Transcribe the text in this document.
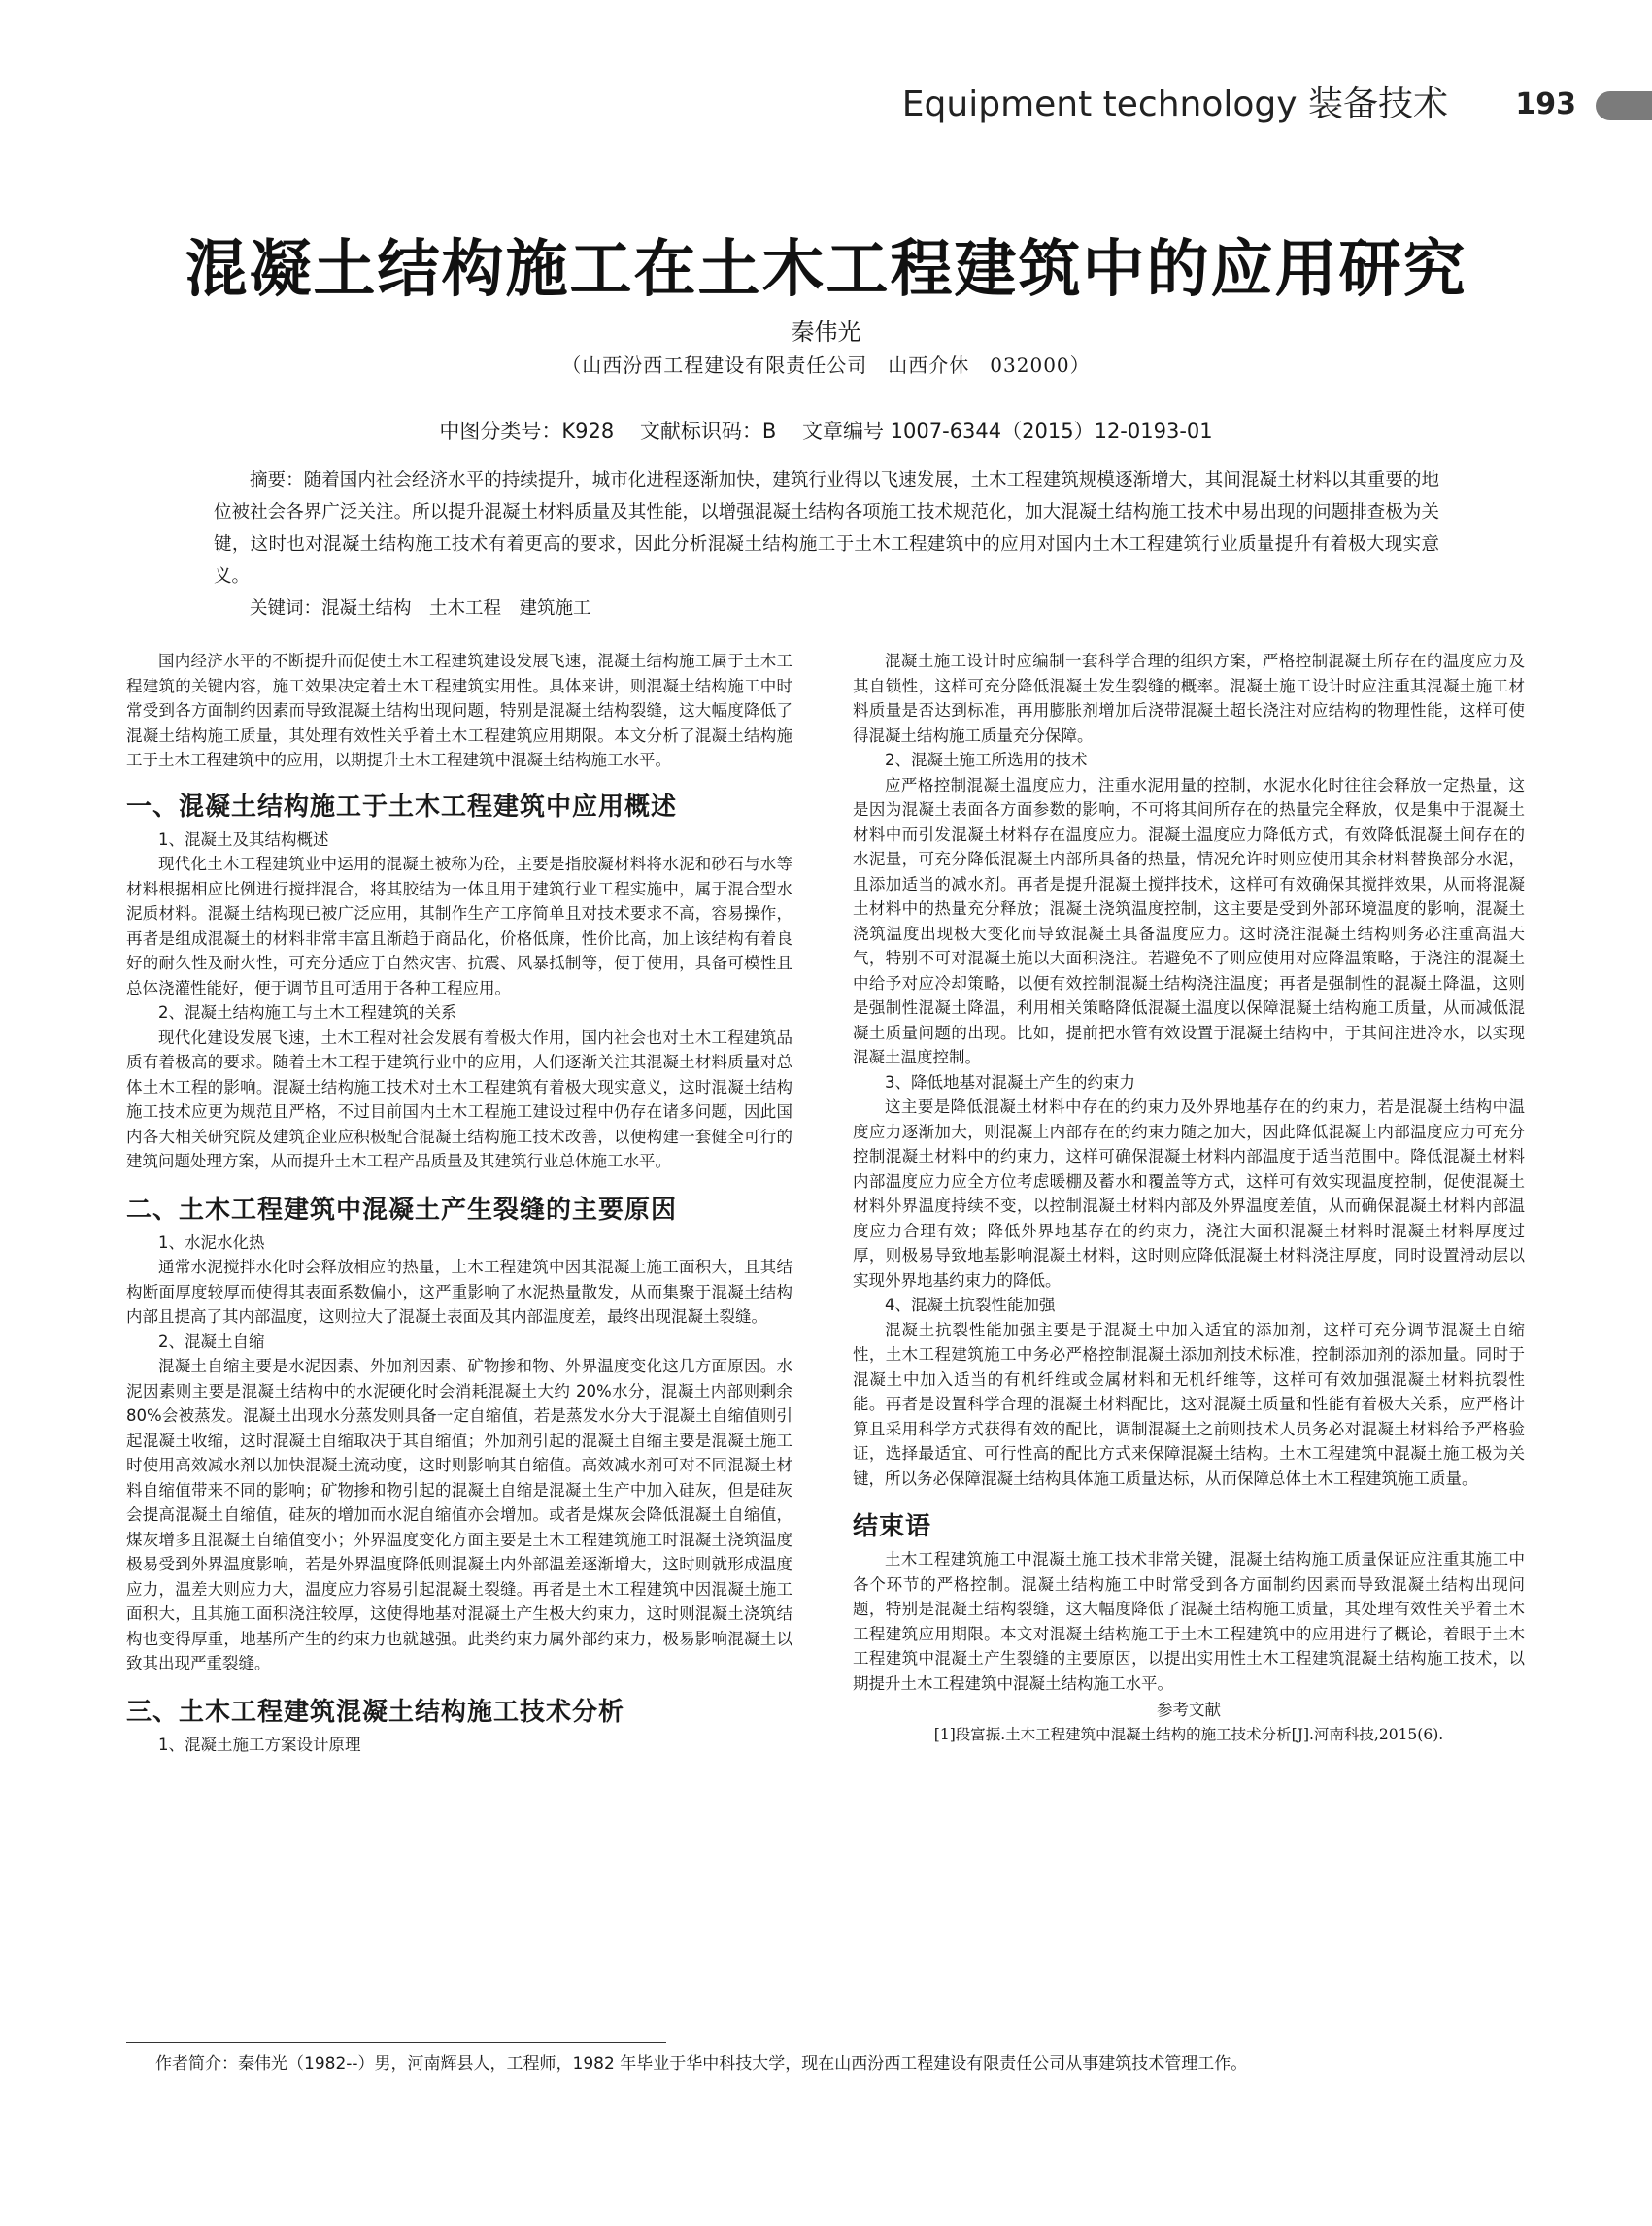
Equipment technology 装备技术 193
混凝土结构施工在土木工程建筑中的应用研究
秦伟光
（山西汾西工程建设有限责任公司　山西介休　032000）
中图分类号：K928 文献标识码：B 文章编号 1007-6344（2015）12-0193-01
摘要：随着国内社会经济水平的持续提升，城市化进程逐渐加快，建筑行业得以飞速发展，土木工程建筑规模逐渐增大，其间混凝土材料以其重要的地位被社会各界广泛关注。所以提升混凝土材料质量及其性能，以增强混凝土结构各项施工技术规范化，加大混凝土结构施工技术中易出现的问题排查极为关键，这时也对混凝土结构施工技术有着更高的要求，因此分析混凝土结构施工于土木工程建筑中的应用对国内土木工程建筑行业质量提升有着极大现实意义。
关键词：混凝土结构　土木工程　建筑施工

国内经济水平的不断提升而促使土木工程建筑建设发展飞速，混凝土结构施工属于土木工程建筑的关键内容，施工效果决定着土木工程建筑实用性。具体来讲，则混凝土结构施工中时常受到各方面制约因素而导致混凝土结构出现问题，特别是混凝土结构裂缝，这大幅度降低了混凝土结构施工质量，其处理有效性关乎着土木工程建筑应用期限。本文分析了混凝土结构施工于土木工程建筑中的应用，以期提升土木工程建筑中混凝土结构施工水平。

一、混凝土结构施工于土木工程建筑中应用概述

1、混凝土及其结构概述

现代化土木工程建筑业中运用的混凝土被称为砼，主要是指胶凝材料将水泥和砂石与水等材料根据相应比例进行搅拌混合，将其胶结为一体且用于建筑行业工程实施中，属于混合型水泥质材料。混凝土结构现已被广泛应用，其制作生产工序简单且对技术要求不高，容易操作，再者是组成混凝土的材料非常丰富且渐趋于商品化，价格低廉，性价比高，加上该结构有着良好的耐久性及耐火性，可充分适应于自然灾害、抗震、风暴抵制等，便于使用，具备可模性且总体浇灌性能好，便于调节且可适用于各种工程应用。

2、混凝土结构施工与土木工程建筑的关系

现代化建设发展飞速，土木工程对社会发展有着极大作用，国内社会也对土木工程建筑品质有着极高的要求。随着土木工程于建筑行业中的应用，人们逐渐关注其混凝土材料质量对总体土木工程的影响。混凝土结构施工技术对土木工程建筑有着极大现实意义，这时混凝土结构施工技术应更为规范且严格，不过目前国内土木工程施工建设过程中仍存在诸多问题，因此国内各大相关研究院及建筑企业应积极配合混凝土结构施工技术改善，以便构建一套健全可行的建筑问题处理方案，从而提升土木工程产品质量及其建筑行业总体施工水平。

二、土木工程建筑中混凝土产生裂缝的主要原因

1、水泥水化热

通常水泥搅拌水化时会释放相应的热量，土木工程建筑中因其混凝土施工面积大，且其结构断面厚度较厚而使得其表面系数偏小，这严重影响了水泥热量散发，从而集聚于混凝土结构内部且提高了其内部温度，这则拉大了混凝土表面及其内部温度差，最终出现混凝土裂缝。

2、混凝土自缩

混凝土自缩主要是水泥因素、外加剂因素、矿物掺和物、外界温度变化这几方面原因。水泥因素则主要是混凝土结构中的水泥硬化时会消耗混凝土大约 20%水分，混凝土内部则剩余 80%会被蒸发。混凝土出现水分蒸发则具备一定自缩值，若是蒸发水分大于混凝土自缩值则引起混凝土收缩，这时混凝土自缩取决于其自缩值；外加剂引起的混凝土自缩主要是混凝土施工时使用高效减水剂以加快混凝土流动度，这时则影响其自缩值。高效减水剂可对不同混凝土材料自缩值带来不同的影响；矿物掺和物引起的混凝土自缩是混凝土生产中加入硅灰，但是硅灰会提高混凝土自缩值，硅灰的增加而水泥自缩值亦会增加。或者是煤灰会降低混凝土自缩值，煤灰增多且混凝土自缩值变小；外界温度变化方面主要是土木工程建筑施工时混凝土浇筑温度极易受到外界温度影响，若是外界温度降低则混凝土内外部温差逐渐增大，这时则就形成温度应力，温差大则应力大，温度应力容易引起混凝土裂缝。再者是土木工程建筑中因混凝土施工面积大，且其施工面积浇注较厚，这使得地基对混凝土产生极大约束力，这时则混凝土浇筑结构也变得厚重，地基所产生的约束力也就越强。此类约束力属外部约束力，极易影响混凝土以致其出现严重裂缝。

三、土木工程建筑混凝土结构施工技术分析

1、混凝土施工方案设计原理

混凝土施工设计时应编制一套科学合理的组织方案，严格控制混凝土所存在的温度应力及其自锁性，这样可充分降低混凝土发生裂缝的概率。混凝土施工设计时应注重其混凝土施工材料质量是否达到标准，再用膨胀剂增加后浇带混凝土超长浇注对应结构的物理性能，这样可使得混凝土结构施工质量充分保障。

2、混凝土施工所选用的技术

应严格控制混凝土温度应力，注重水泥用量的控制，水泥水化时往往会释放一定热量，这是因为混凝土表面各方面参数的影响，不可将其间所存在的热量完全释放，仅是集中于混凝土材料中而引发混凝土材料存在温度应力。混凝土温度应力降低方式，有效降低混凝土间存在的水泥量，可充分降低混凝土内部所具备的热量，情况允许时则应使用其余材料替换部分水泥，且添加适当的减水剂。再者是提升混凝土搅拌技术，这样可有效确保其搅拌效果，从而将混凝土材料中的热量充分释放；混凝土浇筑温度控制，这主要是受到外部环境温度的影响，混凝土浇筑温度出现极大变化而导致混凝土具备温度应力。这时浇注混凝土结构则务必注重高温天气，特别不可对混凝土施以大面积浇注。若避免不了则应使用对应降温策略，于浇注的混凝土中给予对应冷却策略，以便有效控制混凝土结构浇注温度；再者是强制性的混凝土降温，这则是强制性混凝土降温，利用相关策略降低混凝土温度以保障混凝土结构施工质量，从而减低混凝土质量问题的出现。比如，提前把水管有效设置于混凝土结构中，于其间注进冷水，以实现混凝土温度控制。

3、降低地基对混凝土产生的约束力

这主要是降低混凝土材料中存在的约束力及外界地基存在的约束力，若是混凝土结构中温度应力逐渐加大，则混凝土内部存在的约束力随之加大，因此降低混凝土内部温度应力可充分控制混凝土材料中的约束力，这样可确保混凝土材料内部温度于适当范围中。降低混凝土材料内部温度应力应全方位考虑暖棚及蓄水和覆盖等方式，这样可有效实现温度控制，促使混凝土材料外界温度持续不变，以控制混凝土材料内部及外界温度差值，从而确保混凝土材料内部温度应力合理有效；降低外界地基存在的约束力，浇注大面积混凝土材料时混凝土材料厚度过厚，则极易导致地基影响混凝土材料，这时则应降低混凝土材料浇注厚度，同时设置滑动层以实现外界地基约束力的降低。

4、混凝土抗裂性能加强

混凝土抗裂性能加强主要是于混凝土中加入适宜的添加剂，这样可充分调节混凝土自缩性，土木工程建筑施工中务必严格控制混凝土添加剂技术标准，控制添加剂的添加量。同时于混凝土中加入适当的有机纤维或金属材料和无机纤维等，这样可有效加强混凝土材料抗裂性能。再者是设置科学合理的混凝土材料配比，这对混凝土质量和性能有着极大关系，应严格计算且采用科学方式获得有效的配比，调制混凝土之前则技术人员务必对混凝土材料给予严格验证，选择最适宜、可行性高的配比方式来保障混凝土结构。土木工程建筑中混凝土施工极为关键，所以务必保障混凝土结构具体施工质量达标，从而保障总体土木工程建筑施工质量。

结束语

土木工程建筑施工中混凝土施工技术非常关键，混凝土结构施工质量保证应注重其施工中各个环节的严格控制。混凝土结构施工中时常受到各方面制约因素而导致混凝土结构出现问题，特别是混凝土结构裂缝，这大幅度降低了混凝土结构施工质量，其处理有效性关乎着土木工程建筑应用期限。本文对混凝土结构施工于土木工程建筑中的应用进行了概论，着眼于土木工程建筑中混凝土产生裂缝的主要原因，以提出实用性土木工程建筑混凝土结构施工技术，以期提升土木工程建筑中混凝土结构施工水平。

参考文献

[1]段富振.土木工程建筑中混凝土结构的施工技术分析[J].河南科技,2015(6).

作者简介：秦伟光（1982--）男，河南辉县人，工程师，1982 年毕业于华中科技大学，现在山西汾西工程建设有限责任公司从事建筑技术管理工作。
